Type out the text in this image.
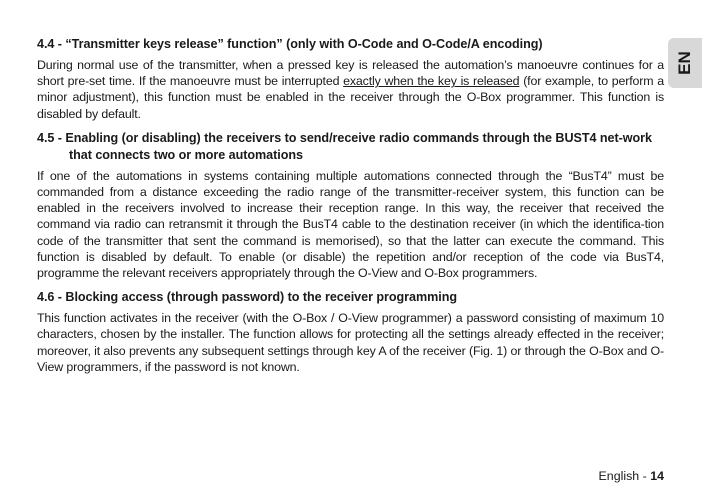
EN
4.4 - “Transmitter keys release” function” (only with O-Code and O-Code/A encoding)

During normal use of the transmitter, when a pressed key is released the automation’s manoeuvre continues for a short pre-set time. If the manoeuvre must be interrupted exactly when the key is released (for example, to perform a minor adjustment), this function must be enabled in the receiver through the O-Box programmer. This function is disabled by default.

4.5 - Enabling (or disabling) the receivers to send/receive radio commands through the BUST4 net-work that connects two or more automations

If one of the automations in systems containing multiple automations connected through the “BusT4” must be commanded from a distance exceeding the radio range of the transmitter-receiver system, this function can be enabled in the receivers involved to increase their reception range. In this way, the receiver that received the command via radio can retransmit it through the BusT4 cable to the destination receiver (in which the identifica-tion code of the transmitter that sent the command is memorised), so that the latter can execute the command. This function is disabled by default. To enable (or disable) the repetition and/or reception of the code via BusT4, programme the relevant receivers appropriately through the O-View and O-Box programmers.

4.6 - Blocking access (through password) to the receiver programming

This function activates in the receiver (with the O-Box / O-View programmer) a password consisting of maximum 10 characters, chosen by the installer. The function allows for protecting all the settings already effected in the receiver; moreover, it also prevents any subsequent settings through key A of the receiver (Fig. 1) or through the O-Box and O-View programmers, if the password is not known.

English - 14
